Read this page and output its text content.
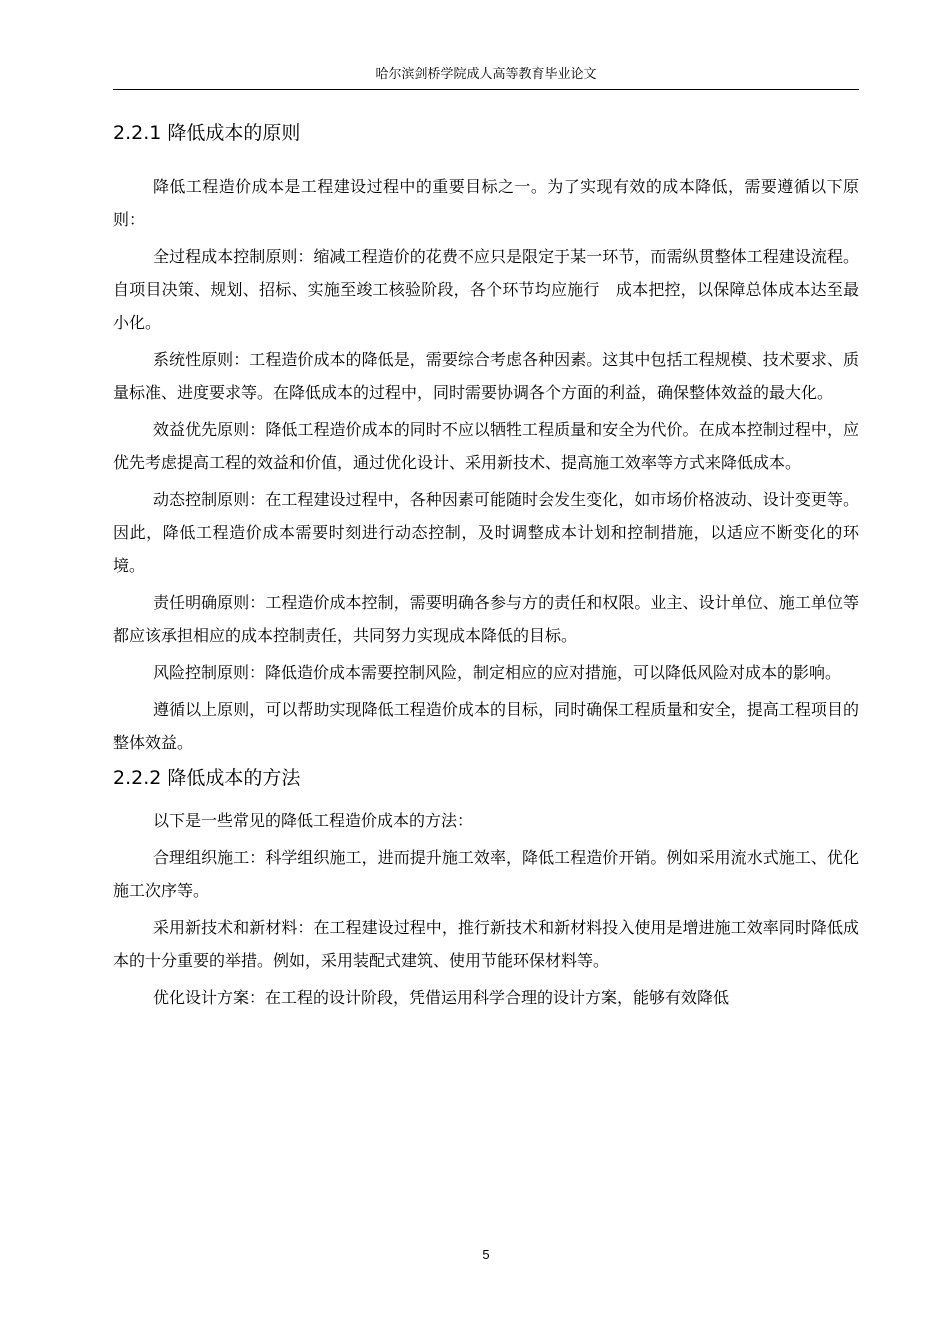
哈尔滨剑桥学院成人高等教育毕业论文
2.2.1 降低成本的原则

降低工程造价成本是工程建设过程中的重要目标之一。为了实现有效的成本降低，需要遵循以下原则：

全过程成本控制原则：缩减工程造价的花费不应只是限定于某一环节，而需纵贯整体工程建设流程。 自项目决策、规划、招标、实施至竣工核验阶段，各个环节均应施行　成本把控，以保障总体成本达至最小化。

系统性原则：工程造价成本的降低是，需要综合考虑各种因素。这其中包括工程规模、技术要求、质量标准、进度要求等。在降低成本的过程中，同时需要协调各个方面的利益，确保整体效益的最大化。

效益优先原则：降低工程造价成本的同时不应以牺牲工程质量和安全为代价。在成本控制过程中，应优先考虑提高工程的效益和价值，通过优化设计、采用新技术、提高施工效率等方式来降低成本。

动态控制原则：在工程建设过程中，各种因素可能随时会发生变化，如市场价格波动、设计变更等。因此，降低工程造价成本需要时刻进行动态控制，及时调整成本计划和控制措施，以适应不断变化的环境。

责任明确原则：工程造价成本控制，需要明确各参与方的责任和权限。业主、设计单位、施工单位等都应该承担相应的成本控制责任，共同努力实现成本降低的目标。

风险控制原则：降低造价成本需要控制风险，制定相应的应对措施，可以降低风险对成本的影响。

遵循以上原则，可以帮助实现降低工程造价成本的目标，同时确保工程质量和安全，提高工程项目的整体效益。

2.2.2 降低成本的方法

以下是一些常见的降低工程造价成本的方法：

合理组织施工：科学组织施工，进而提升施工效率，降低工程造价开销。例如采用流水式施工、优化施工次序等。

采用新技术和新材料：在工程建设过程中，推行新技术和新材料投入使用是增进施工效率同时降低成本的十分重要的举措。例如，采用装配式建筑、使用节能环保材料等。

优化设计方案：在工程的设计阶段，凭借运用科学合理的设计方案，能够有效降低

5
